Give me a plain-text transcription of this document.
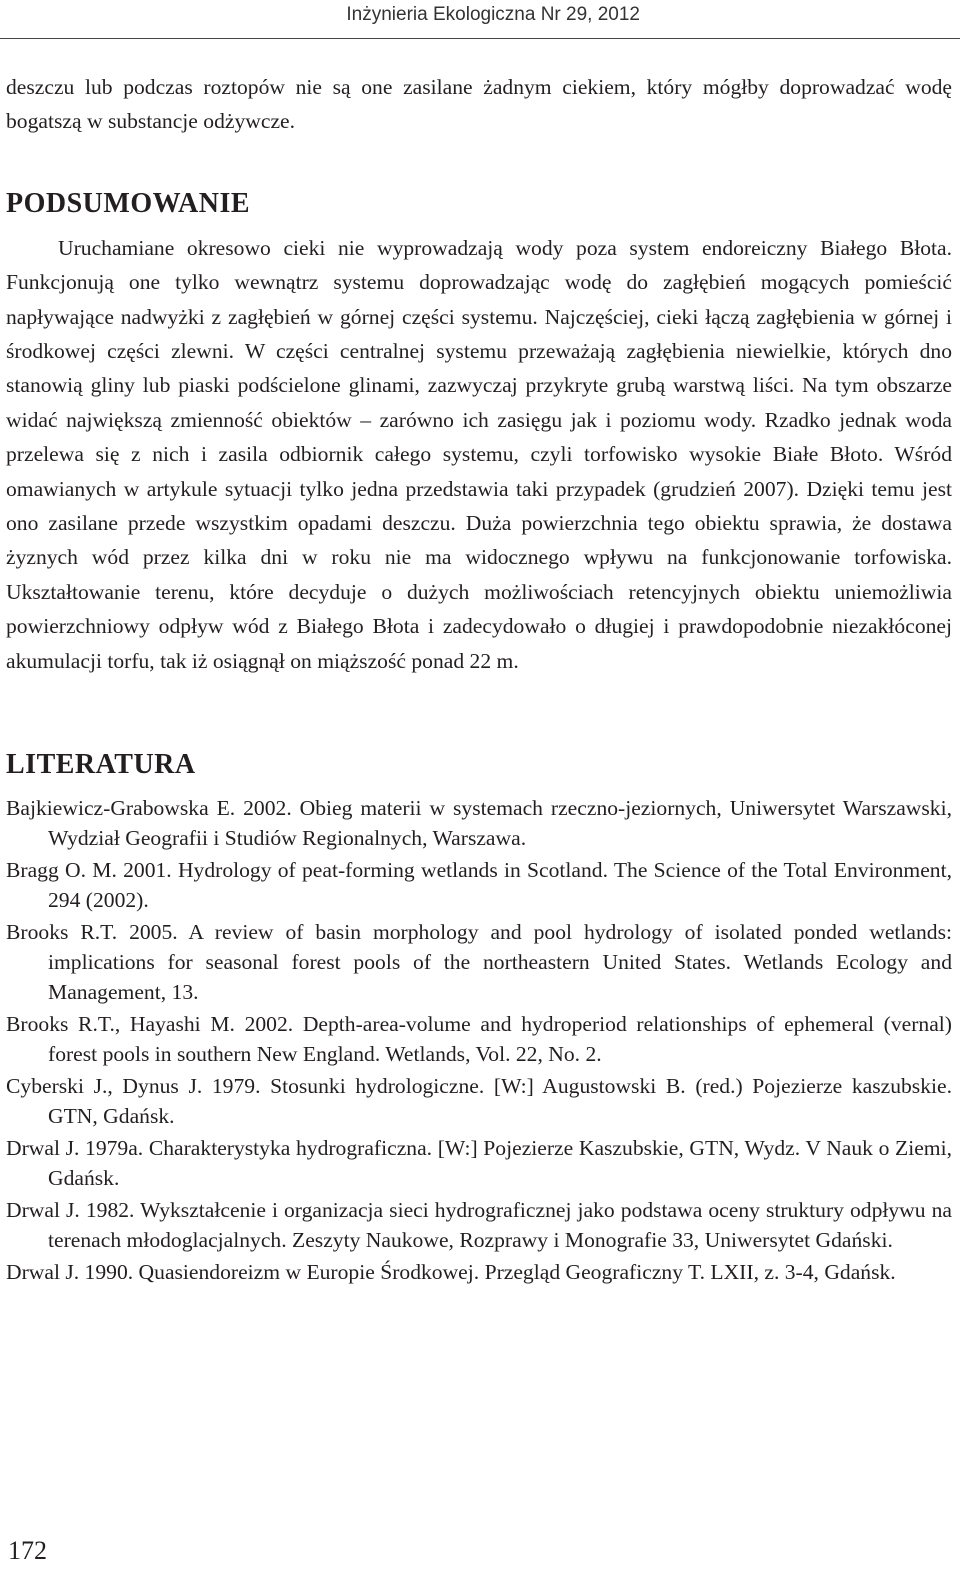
Inżynieria Ekologiczna Nr 29, 2012

deszczu lub podczas roztopów nie są one zasilane żadnym ciekiem, który mógłby doprowadzać wodę bogatszą w substancje odżywcze.

PODSUMOWANIE

Uruchamiane okresowo cieki nie wyprowadzają wody poza system endoreiczny Białego Błota. Funkcjonują one tylko wewnątrz systemu doprowadzając wodę do zagłębień mogących pomieścić napływające nadwyżki z zagłębień w górnej części systemu. Najczęściej, cieki łączą zagłębienia w górnej i środkowej części zlewni. W części centralnej systemu przeważają zagłębienia niewielkie, których dno stanowią gliny lub piaski podścielone glinami, zazwyczaj przykryte grubą warstwą liści. Na tym obszarze widać największą zmienność obiektów – zarówno ich zasięgu jak i poziomu wody. Rzadko jednak woda przelewa się z nich i zasila odbiornik całego systemu, czyli torfowisko wysokie Białe Błoto. Wśród omawianych w artykule sytuacji tylko jedna przedstawia taki przypadek (grudzień 2007). Dzięki temu jest ono zasilane przede wszystkim opadami deszczu. Duża powierzchnia tego obiektu sprawia, że dostawa żyznych wód przez kilka dni w roku nie ma widocznego wpływu na funkcjonowanie torfowiska. Ukształtowanie terenu, które decyduje o dużych możliwościach retencyjnych obiektu uniemożliwia powierzchniowy odpływ wód z Białego Błota i zadecydowało o długiej i prawdopodobnie niezakłóconej akumulacji torfu, tak iż osiągnął on miąższość ponad 22 m.

LITERATURA
Bajkiewicz-Grabowska E. 2002. Obieg materii w systemach rzeczno-jeziornych, Uniwersytet Warszawski, Wydział Geografii i Studiów Regionalnych, Warszawa.
Bragg O. M. 2001. Hydrology of peat-forming wetlands in Scotland. The Science of the Total Environment, 294 (2002).
Brooks R.T. 2005. A review of basin morphology and pool hydrology of isolated ponded wetlands: implications for seasonal forest pools of the northeastern United States. Wetlands Ecology and Management, 13.
Brooks R.T., Hayashi M. 2002. Depth-area-volume and hydroperiod relationships of ephemeral (vernal) forest pools in southern New England. Wetlands, Vol. 22, No. 2.
Cyberski J., Dynus J. 1979. Stosunki hydrologiczne. [W:] Augustowski B. (red.) Pojezierze kaszubskie. GTN, Gdańsk.
Drwal J. 1979a. Charakterystyka hydrograficzna. [W:] Pojezierze Kaszubskie, GTN, Wydz. V Nauk o Ziemi, Gdańsk.
Drwal J. 1982. Wykształcenie i organizacja sieci hydrograficznej jako podstawa oceny struktury odpływu na terenach młodoglacjalnych. Zeszyty Naukowe, Rozprawy i Monografie 33, Uniwersytet Gdański.
Drwal J. 1990. Quasiendoreizm w Europie Środkowej. Przegląd Geograficzny T. LXII, z. 3-4, Gdańsk.
172
